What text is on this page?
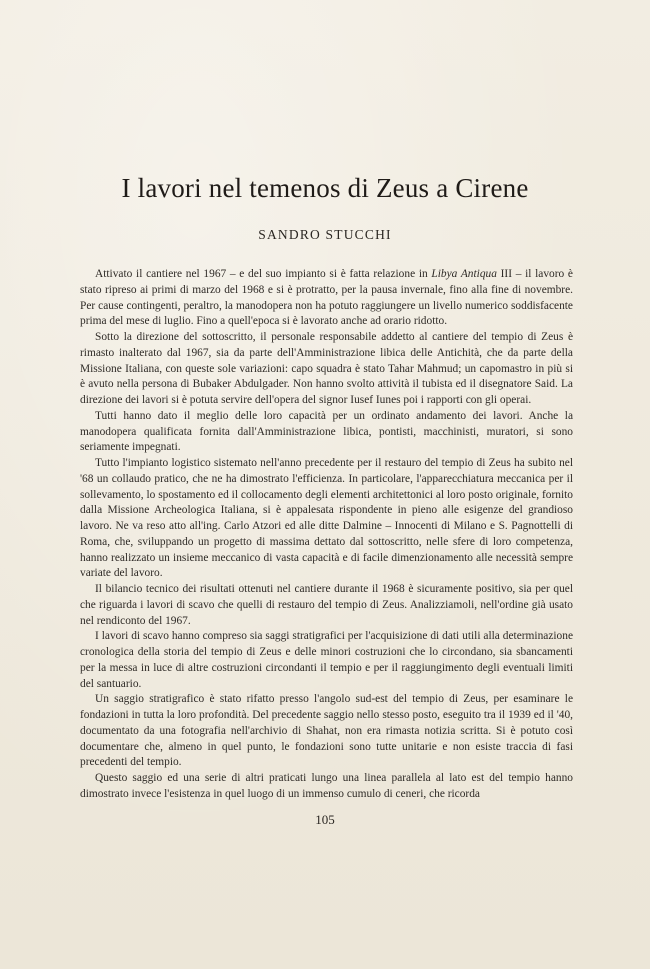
I lavori nel temenos di Zeus a Cirene
SANDRO STUCCHI

Attivato il cantiere nel 1967 – e del suo impianto si è fatta relazione in Libya Antiqua III – il lavoro è stato ripreso ai primi di marzo del 1968 e si è protratto, per la pausa invernale, fino alla fine di novembre. Per cause contingenti, peraltro, la manodopera non ha potuto raggiungere un livello numerico soddisfacente prima del mese di luglio. Fino a quell'epoca si è lavorato anche ad orario ridotto.

Sotto la direzione del sottoscritto, il personale responsabile addetto al cantiere del tempio di Zeus è rimasto inalterato dal 1967, sia da parte dell'Amministrazione libica delle Antichità, che da parte della Missione Italiana, con queste sole variazioni: capo squadra è stato Tahar Mahmud; un capomastro in più si è avuto nella persona di Bubaker Abdulgader. Non hanno svolto attività il tubista ed il disegnatore Said. La direzione dei lavori si è potuta servire dell'opera del signor Iusef Iunes poi i rapporti con gli operai.

Tutti hanno dato il meglio delle loro capacità per un ordinato andamento dei lavori. Anche la manodopera qualificata fornita dall'Amministrazione libica, pontisti, macchinisti, muratori, si sono seriamente impegnati.

Tutto l'impianto logistico sistemato nell'anno precedente per il restauro del tempio di Zeus ha subito nel '68 un collaudo pratico, che ne ha dimostrato l'efficienza. In particolare, l'apparecchiatura meccanica per il sollevamento, lo spostamento ed il collocamento degli elementi architettonici al loro posto originale, fornito dalla Missione Archeologica Italiana, si è appalesata rispondente in pieno alle esigenze del grandioso lavoro. Ne va reso atto all'ing. Carlo Atzori ed alle ditte Dalmine – Innocenti di Milano e S. Pagnottelli di Roma, che, sviluppando un progetto di massima dettato dal sottoscritto, nelle sfere di loro competenza, hanno realizzato un insieme meccanico di vasta capacità e di facile dimenzionamento alle necessità sempre variate del lavoro.

Il bilancio tecnico dei risultati ottenuti nel cantiere durante il 1968 è sicuramente positivo, sia per quel che riguarda i lavori di scavo che quelli di restauro del tempio di Zeus. Analizziamoli, nell'ordine già usato nel rendiconto del 1967.

I lavori di scavo hanno compreso sia saggi stratigrafici per l'acquisizione di dati utili alla determinazione cronologica della storia del tempio di Zeus e delle minori costruzioni che lo circondano, sia sbancamenti per la messa in luce di altre costruzioni circondanti il tempio e per il raggiungimento degli eventuali limiti del santuario.

Un saggio stratigrafico è stato rifatto presso l'angolo sud-est del tempio di Zeus, per esaminare le fondazioni in tutta la loro profondità. Del precedente saggio nello stesso posto, eseguito tra il 1939 ed il '40, documentato da una fotografia nell'archivio di Shahat, non era rimasta notizia scritta. Si è potuto così documentare che, almeno in quel punto, le fondazioni sono tutte unitarie e non esiste traccia di fasi precedenti del tempio.

Questo saggio ed una serie di altri praticati lungo una linea parallela al lato est del tempio hanno dimostrato invece l'esistenza in quel luogo di un immenso cumulo di ceneri, che ricorda

105
